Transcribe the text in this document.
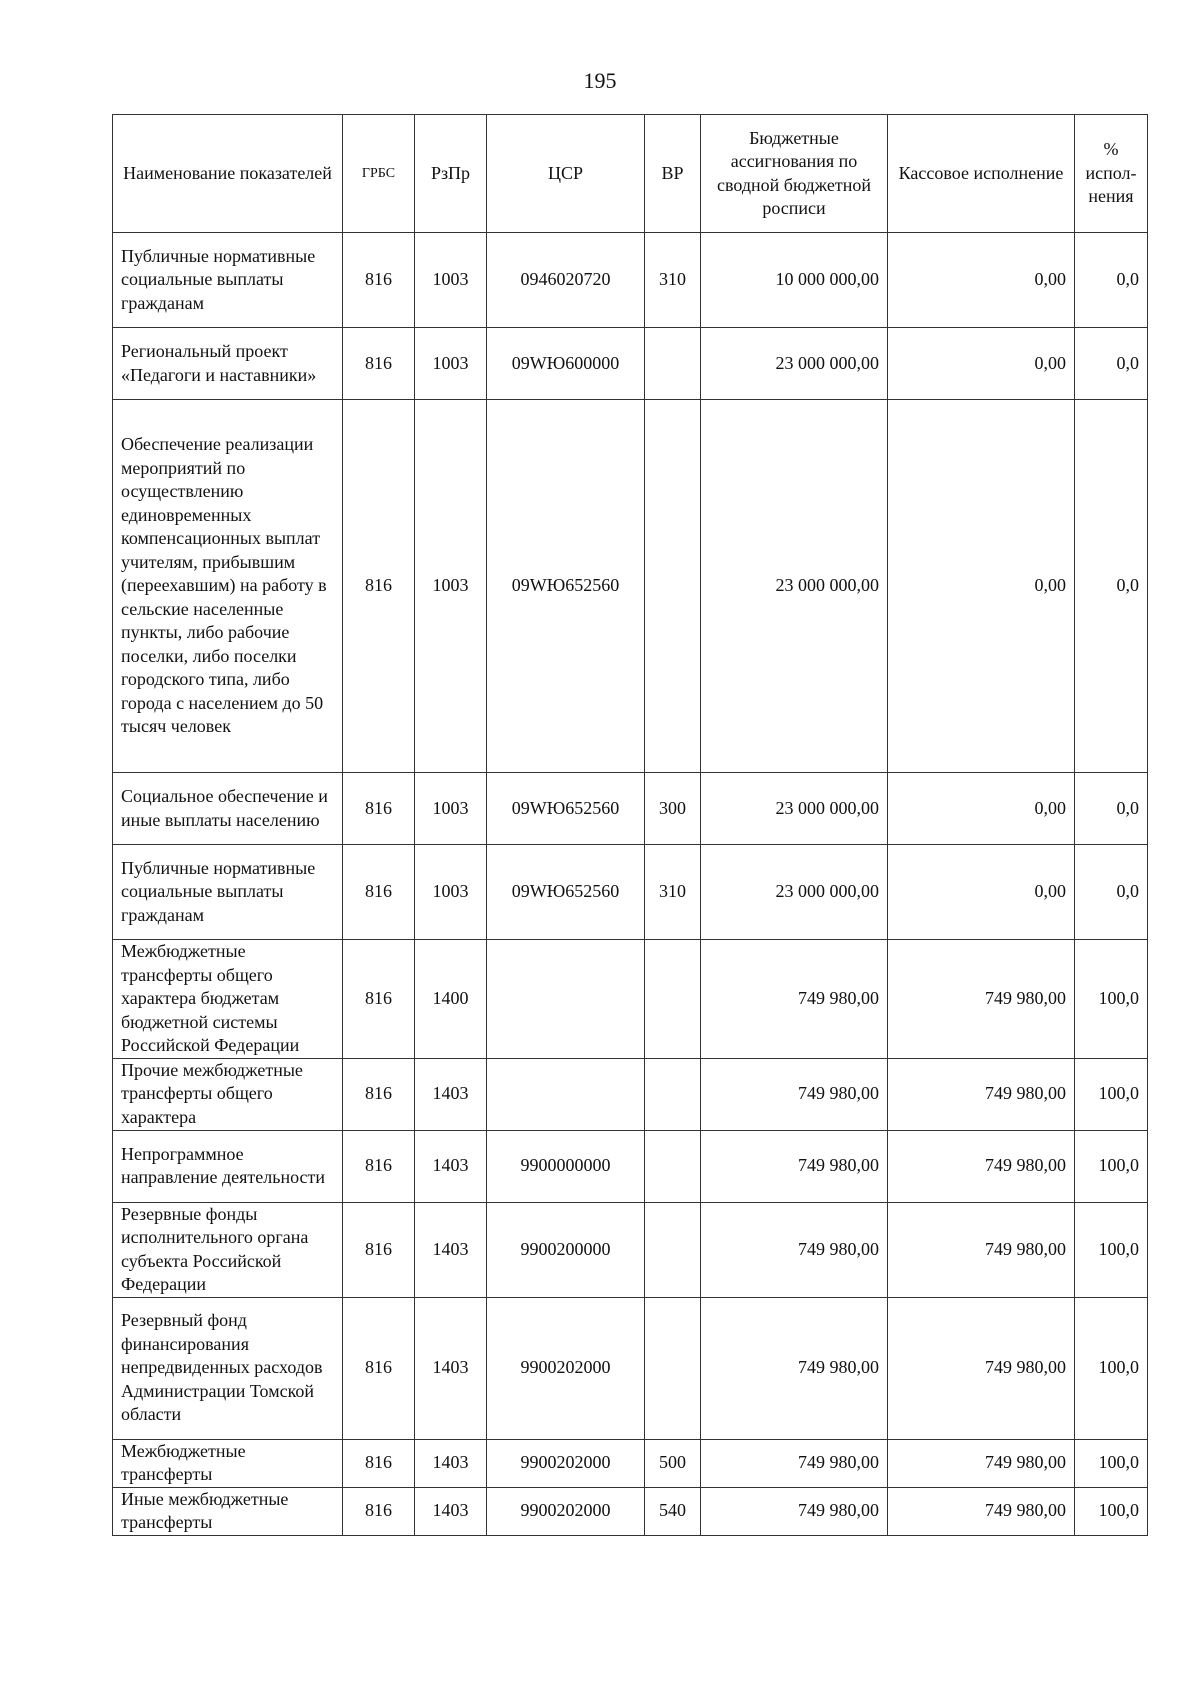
195
Наименование показателей	ГРБС	РзПр	ЦСР	ВР	Бюджетные ассигнования по сводной бюджетной росписи	Кассовое исполнение	% испол-нения
Публичные нормативные социальные выплаты гражданам	816	1003	0946020720	310	10 000 000,00	0,00	0,0
Региональный проект «Педагоги и наставники»	816	1003	09WЮ600000		23 000 000,00	0,00	0,0
Обеспечение реализации мероприятий по осуществлению единовременных компенсационных выплат учителям, прибывшим (переехавшим) на работу в сельские населенные пункты, либо рабочие поселки, либо поселки городского типа, либо города с населением до 50 тысяч человек	816	1003	09WЮ652560		23 000 000,00	0,00	0,0
Социальное обеспечение и иные выплаты населению	816	1003	09WЮ652560	300	23 000 000,00	0,00	0,0
Публичные нормативные социальные выплаты гражданам	816	1003	09WЮ652560	310	23 000 000,00	0,00	0,0
Межбюджетные трансферты общего характера бюджетам бюджетной системы Российской Федерации	816	1400			749 980,00	749 980,00	100,0
Прочие межбюджетные трансферты общего характера	816	1403			749 980,00	749 980,00	100,0
Непрограммное направление деятельности	816	1403	9900000000		749 980,00	749 980,00	100,0
Резервные фонды исполнительного органа субъекта Российской Федерации	816	1403	9900200000		749 980,00	749 980,00	100,0
Резервный фонд финансирования непредвиденных расходов Администрации Томской области	816	1403	9900202000		749 980,00	749 980,00	100,0
Межбюджетные трансферты	816	1403	9900202000	500	749 980,00	749 980,00	100,0
Иные межбюджетные трансферты	816	1403	9900202000	540	749 980,00	749 980,00	100,0
